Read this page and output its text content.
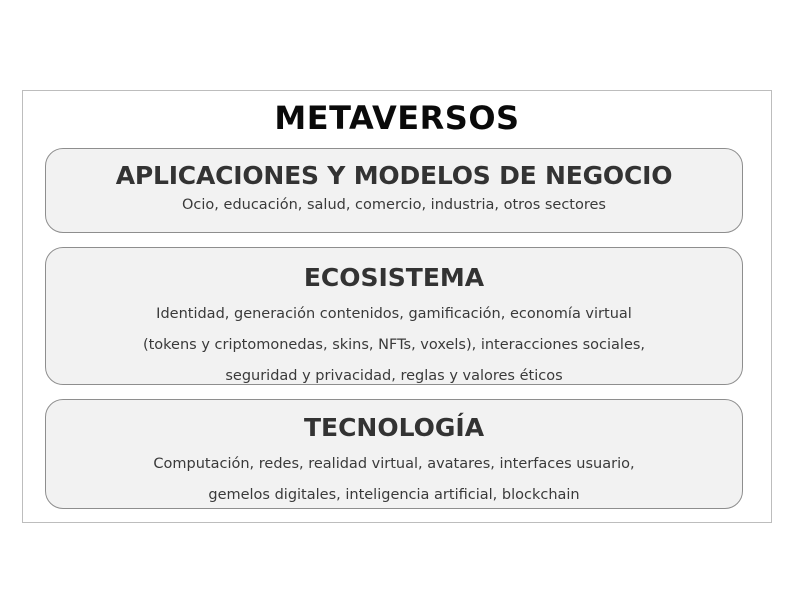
METAVERSOS
APLICACIONES Y MODELOS DE NEGOCIO
Ocio, educación, salud, comercio, industria, otros sectores
ECOSISTEMA
Identidad, generación contenidos, gamificación, economía virtual
(tokens y criptomonedas, skins, NFTs, voxels), interacciones sociales,
seguridad y privacidad, reglas y valores éticos
TECNOLOGÍA
Computación, redes, realidad virtual, avatares, interfaces usuario,
gemelos digitales, inteligencia artificial, blockchain
